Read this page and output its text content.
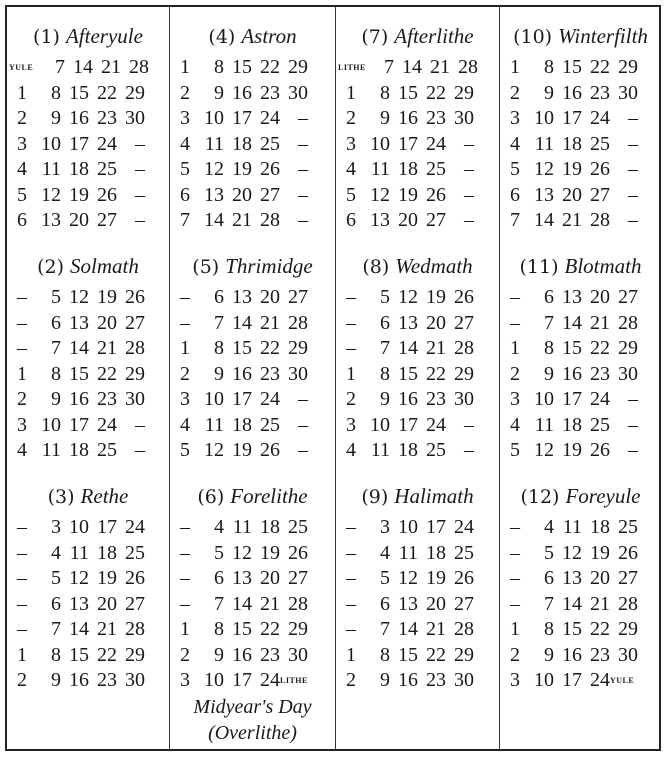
(1) Afteryule
YULE	7 14 21 28
1	8 15 22 29
2	9 16 23 30
3 10 17 24 –
4 11 18 25 –
5 12 19 26 –
6 13 20 27 –
(2) Solmath
–	5 12 19 26
–	6 13 20 27
–	7 14 21 28
1	8 15 22 29
2	9 16 23 30
3 10 17 24 –
4 11 18 25 –
(3) Rethe
–	3 10 17 24
–	4 11 18 25
–	5 12 19 26
–	6 13 20 27
–	7 14 21 28
1	8 15 22 29
2	9 16 23 30
(4) Astron
1	8 15 22 29
2	9 16 23 30
3 10 17 24 –
4 11 18 25 –
5 12 19 26 –
6 13 20 27 –
7 14 21 28 –
(5) Thrimidge
–	6 13 20 27
–	7 14 21 28
1	8 15 22 29
2	9 16 23 30
3 10 17 24 –
4 11 18 25 –
5 12 19 26 –
(6) Forelithe
–	4 11 18 25
–	5 12 19 26
–	6 13 20 27
–	7 14 21 28
1	8 15 22 29
2	9 16 23 30
3 10 17 24 LITHE
Midyear's Day
(Overlithe)
(7) Afterlithe
LITHE 7 14 21 28
1	8 15 22 29
2	9 16 23 30
3 10 17 24 –
4 11 18 25 –
5 12 19 26 –
6 13 20 27 –
(8) Wedmath
–	5 12 19 26
–	6 13 20 27
–	7 14 21 28
1	8 15 22 29
2	9 16 23 30
3 10 17 24 –
4 11 18 25 –
(9) Halimath
–	3 10 17 24
–	4 11 18 25
–	5 12 19 26
–	6 13 20 27
–	7 14 21 28
1	8 15 22 29
2	9 16 23 30
(10) Winterfilth
1	8 15 22 29
2	9 16 23 30
3 10 17 24 –
4 11 18 25 –
5 12 19 26 –
6 13 20 27 –
7 14 21 28 –
(11) Blotmath
–	6 13 20 27
–	7 14 21 28
1	8 15 22 29
2	9 16 23 30
3 10 17 24 –
4 11 18 25 –
5 12 19 26 –
(12) Foreyule
–	4 11 18 25
–	5 12 19 26
–	6 13 20 27
–	7 14 21 28
1	8 15 22 29
2	9 16 23 30
3 10 17 24 YULE
